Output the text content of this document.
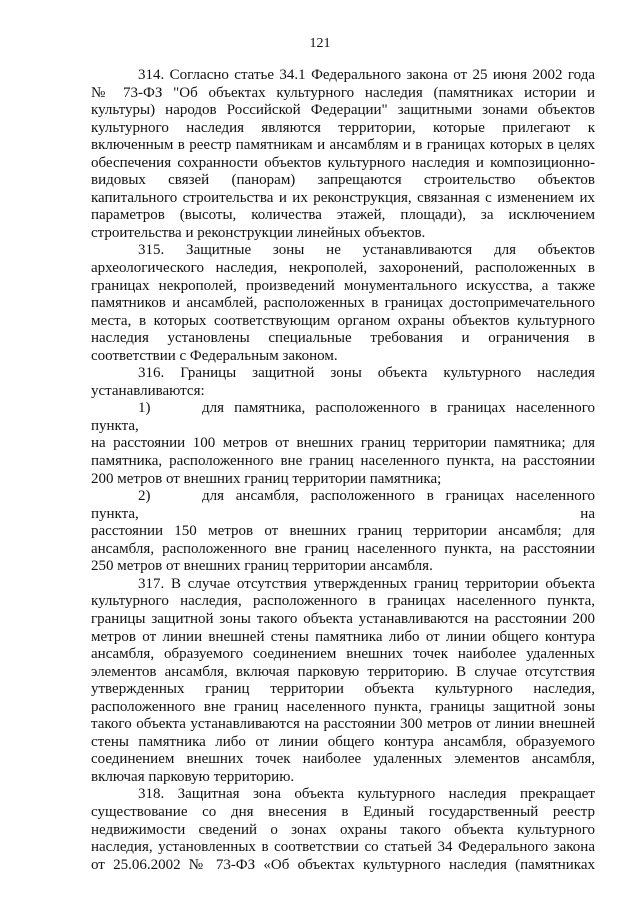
121

314. Согласно статье 34.1 Федерального закона от 25 июня 2002 года

№ 73-ФЗ "Об объектах культурного наследия (памятниках истории и

культуры) народов Российской Федерации" защитными зонами объектов

культурного наследия являются территории, которые прилегают к

включенным в реестр памятникам и ансамблям и в границах которых в целях

обеспечения сохранности объектов культурного наследия и композиционно-

видовых связей (панорам) запрещаются строительство объектов

капитального строительства и их реконструкция, связанная с изменением их

параметров (высоты, количества этажей, площади), за исключением

строительства и реконструкции линейных объектов.

315. Защитные зоны не устанавливаются для объектов

археологического наследия, некрополей, захоронений, расположенных в

границах некрополей, произведений монументального искусства, а также

памятников и ансамблей, расположенных в границах достопримечательного

места, в которых соответствующим органом охраны объектов культурного

наследия установлены специальные требования и ограничения в

соответствии с Федеральным законом.

316. Границы защитной зоны объекта культурного наследия

устанавливаются:

1)	для памятника, расположенного в границах населенного пункта,

на расстоянии 100 метров от внешних границ территории памятника; для

памятника, расположенного вне границ населенного пункта, на расстоянии

200 метров от внешних границ территории памятника;

2)	для ансамбля, расположенного в границах населенного пункта, на

расстоянии 150 метров от внешних границ территории ансамбля; для

ансамбля, расположенного вне границ населенного пункта, на расстоянии

250 метров от внешних границ территории ансамбля.

317. В случае отсутствия утвержденных границ территории объекта

культурного наследия, расположенного в границах населенного пункта,

границы защитной зоны такого объекта устанавливаются на расстоянии 200

метров от линии внешней стены памятника либо от линии общего контура

ансамбля, образуемого соединением внешних точек наиболее удаленных

элементов ансамбля, включая парковую территорию. В случае отсутствия

утвержденных границ территории объекта культурного наследия,

расположенного вне границ населенного пункта, границы защитной зоны

такого объекта устанавливаются на расстоянии 300 метров от линии внешней

стены памятника либо от линии общего контура ансамбля, образуемого

соединением внешних точек наиболее удаленных элементов ансамбля,

включая парковую территорию.

318. Защитная зона объекта культурного наследия прекращает

существование со дня внесения в Единый государственный реестр

недвижимости сведений о зонах охраны такого объекта культурного

наследия, установленных в соответствии со статьей 34 Федерального закона

от 25.06.2002 № 73-ФЗ «Об объектах культурного наследия (памятниках
